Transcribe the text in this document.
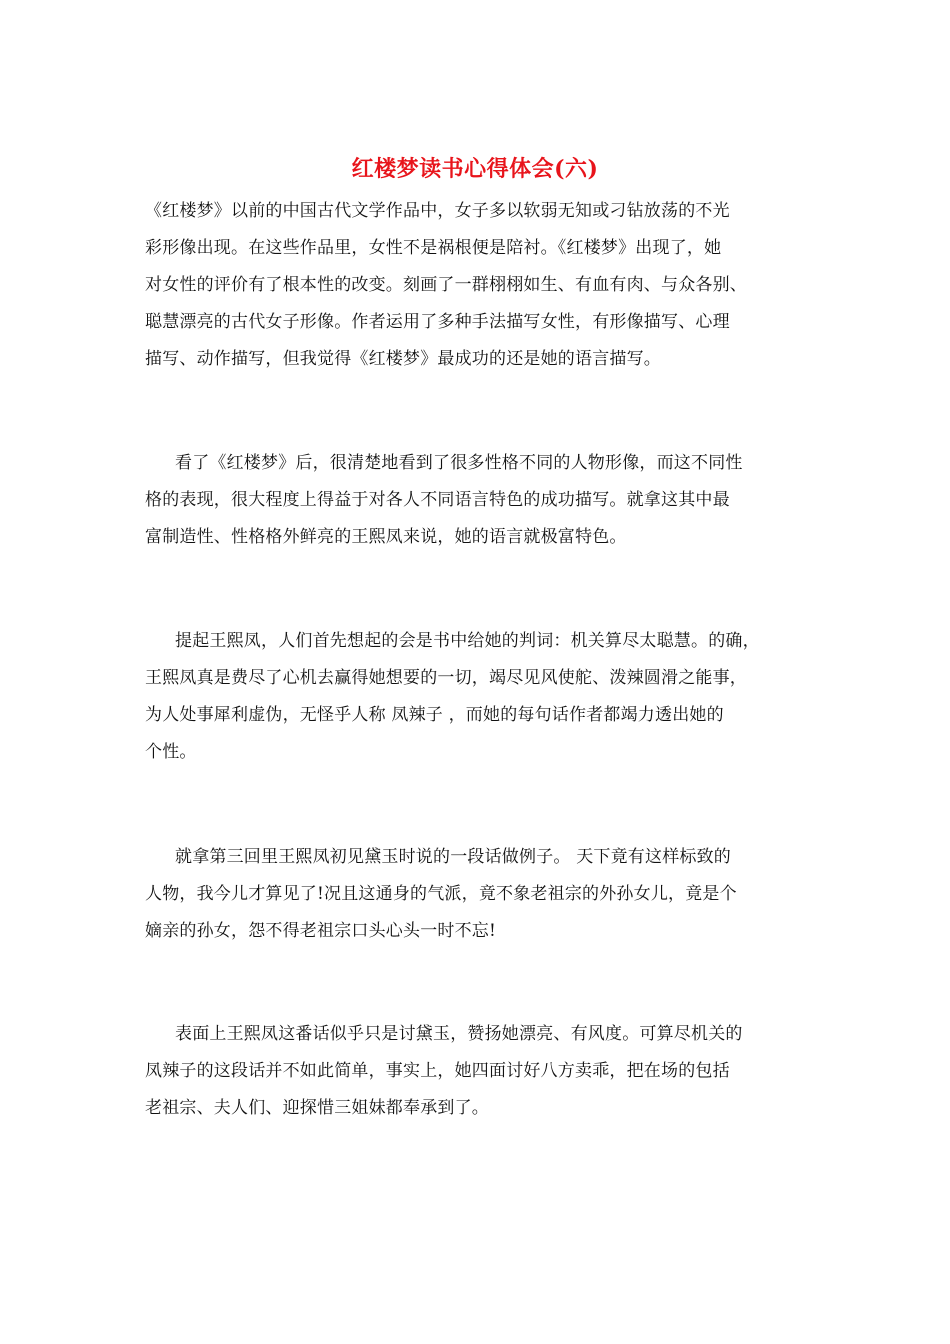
红楼梦读书心得体会(六)
《红楼梦》以前的中国古代文学作品中，女子多以软弱无知或刁钻放荡的不光
彩形像出现。在这些作品里，女性不是祸根便是陪衬。《红楼梦》出现了，她
对女性的评价有了根本性的改变。刻画了一群栩栩如生、有血有肉、与众各别、
聪慧漂亮的古代女子形像。作者运用了多种手法描写女性，有形像描写、心理
描写、动作描写，但我觉得《红楼梦》最成功的还是她的语言描写。
看了《红楼梦》后，很清楚地看到了很多性格不同的人物形像，而这不同性
格的表现，很大程度上得益于对各人不同语言特色的成功描写。就拿这其中最
富制造性、性格格外鲜亮的王熙凤来说，她的语言就极富特色。
提起王熙凤，人们首先想起的会是书中给她的判词：机关算尽太聪慧。的确，
王熙凤真是费尽了心机去赢得她想要的一切，竭尽见风使舵、泼辣圆滑之能事，
为人处事犀利虚伪，无怪乎人称 凤辣子 ，而她的每句话作者都竭力透出她的
个性。
就拿第三回里王熙凤初见黛玉时说的一段话做例子。 天下竟有这样标致的
人物，我今儿才算见了!况且这通身的气派，竟不象老祖宗的外孙女儿，竟是个
嫡亲的孙女，怨不得老祖宗口头心头一时不忘!
表面上王熙凤这番话似乎只是讨黛玉，赞扬她漂亮、有风度。可算尽机关的
凤辣子的这段话并不如此简单，事实上，她四面讨好八方卖乖，把在场的包括
老祖宗、夫人们、迎探惜三姐妹都奉承到了。
